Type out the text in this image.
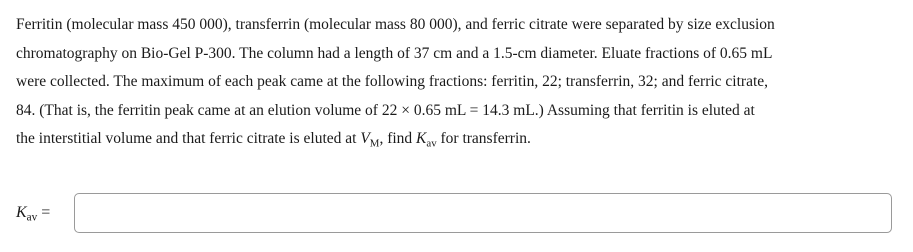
Ferritin (molecular mass 450 000), transferrin (molecular mass 80 000), and ferric citrate were separated by size exclusion
chromatography on Bio-Gel P-300. The column had a length of 37 cm and a 1.5-cm diameter. Eluate fractions of 0.65 mL
were collected. The maximum of each peak came at the following fractions: ferritin, 22; transferrin, 32; and ferric citrate,
84. (That is, the ferritin peak came at an elution volume of 22 × 0.65 mL = 14.3 mL.) Assuming that ferritin is eluted at
the interstitial volume and that ferric citrate is eluted at $V_M$, find $K_{av}$ for transferrin.
$K_{av}$ =
